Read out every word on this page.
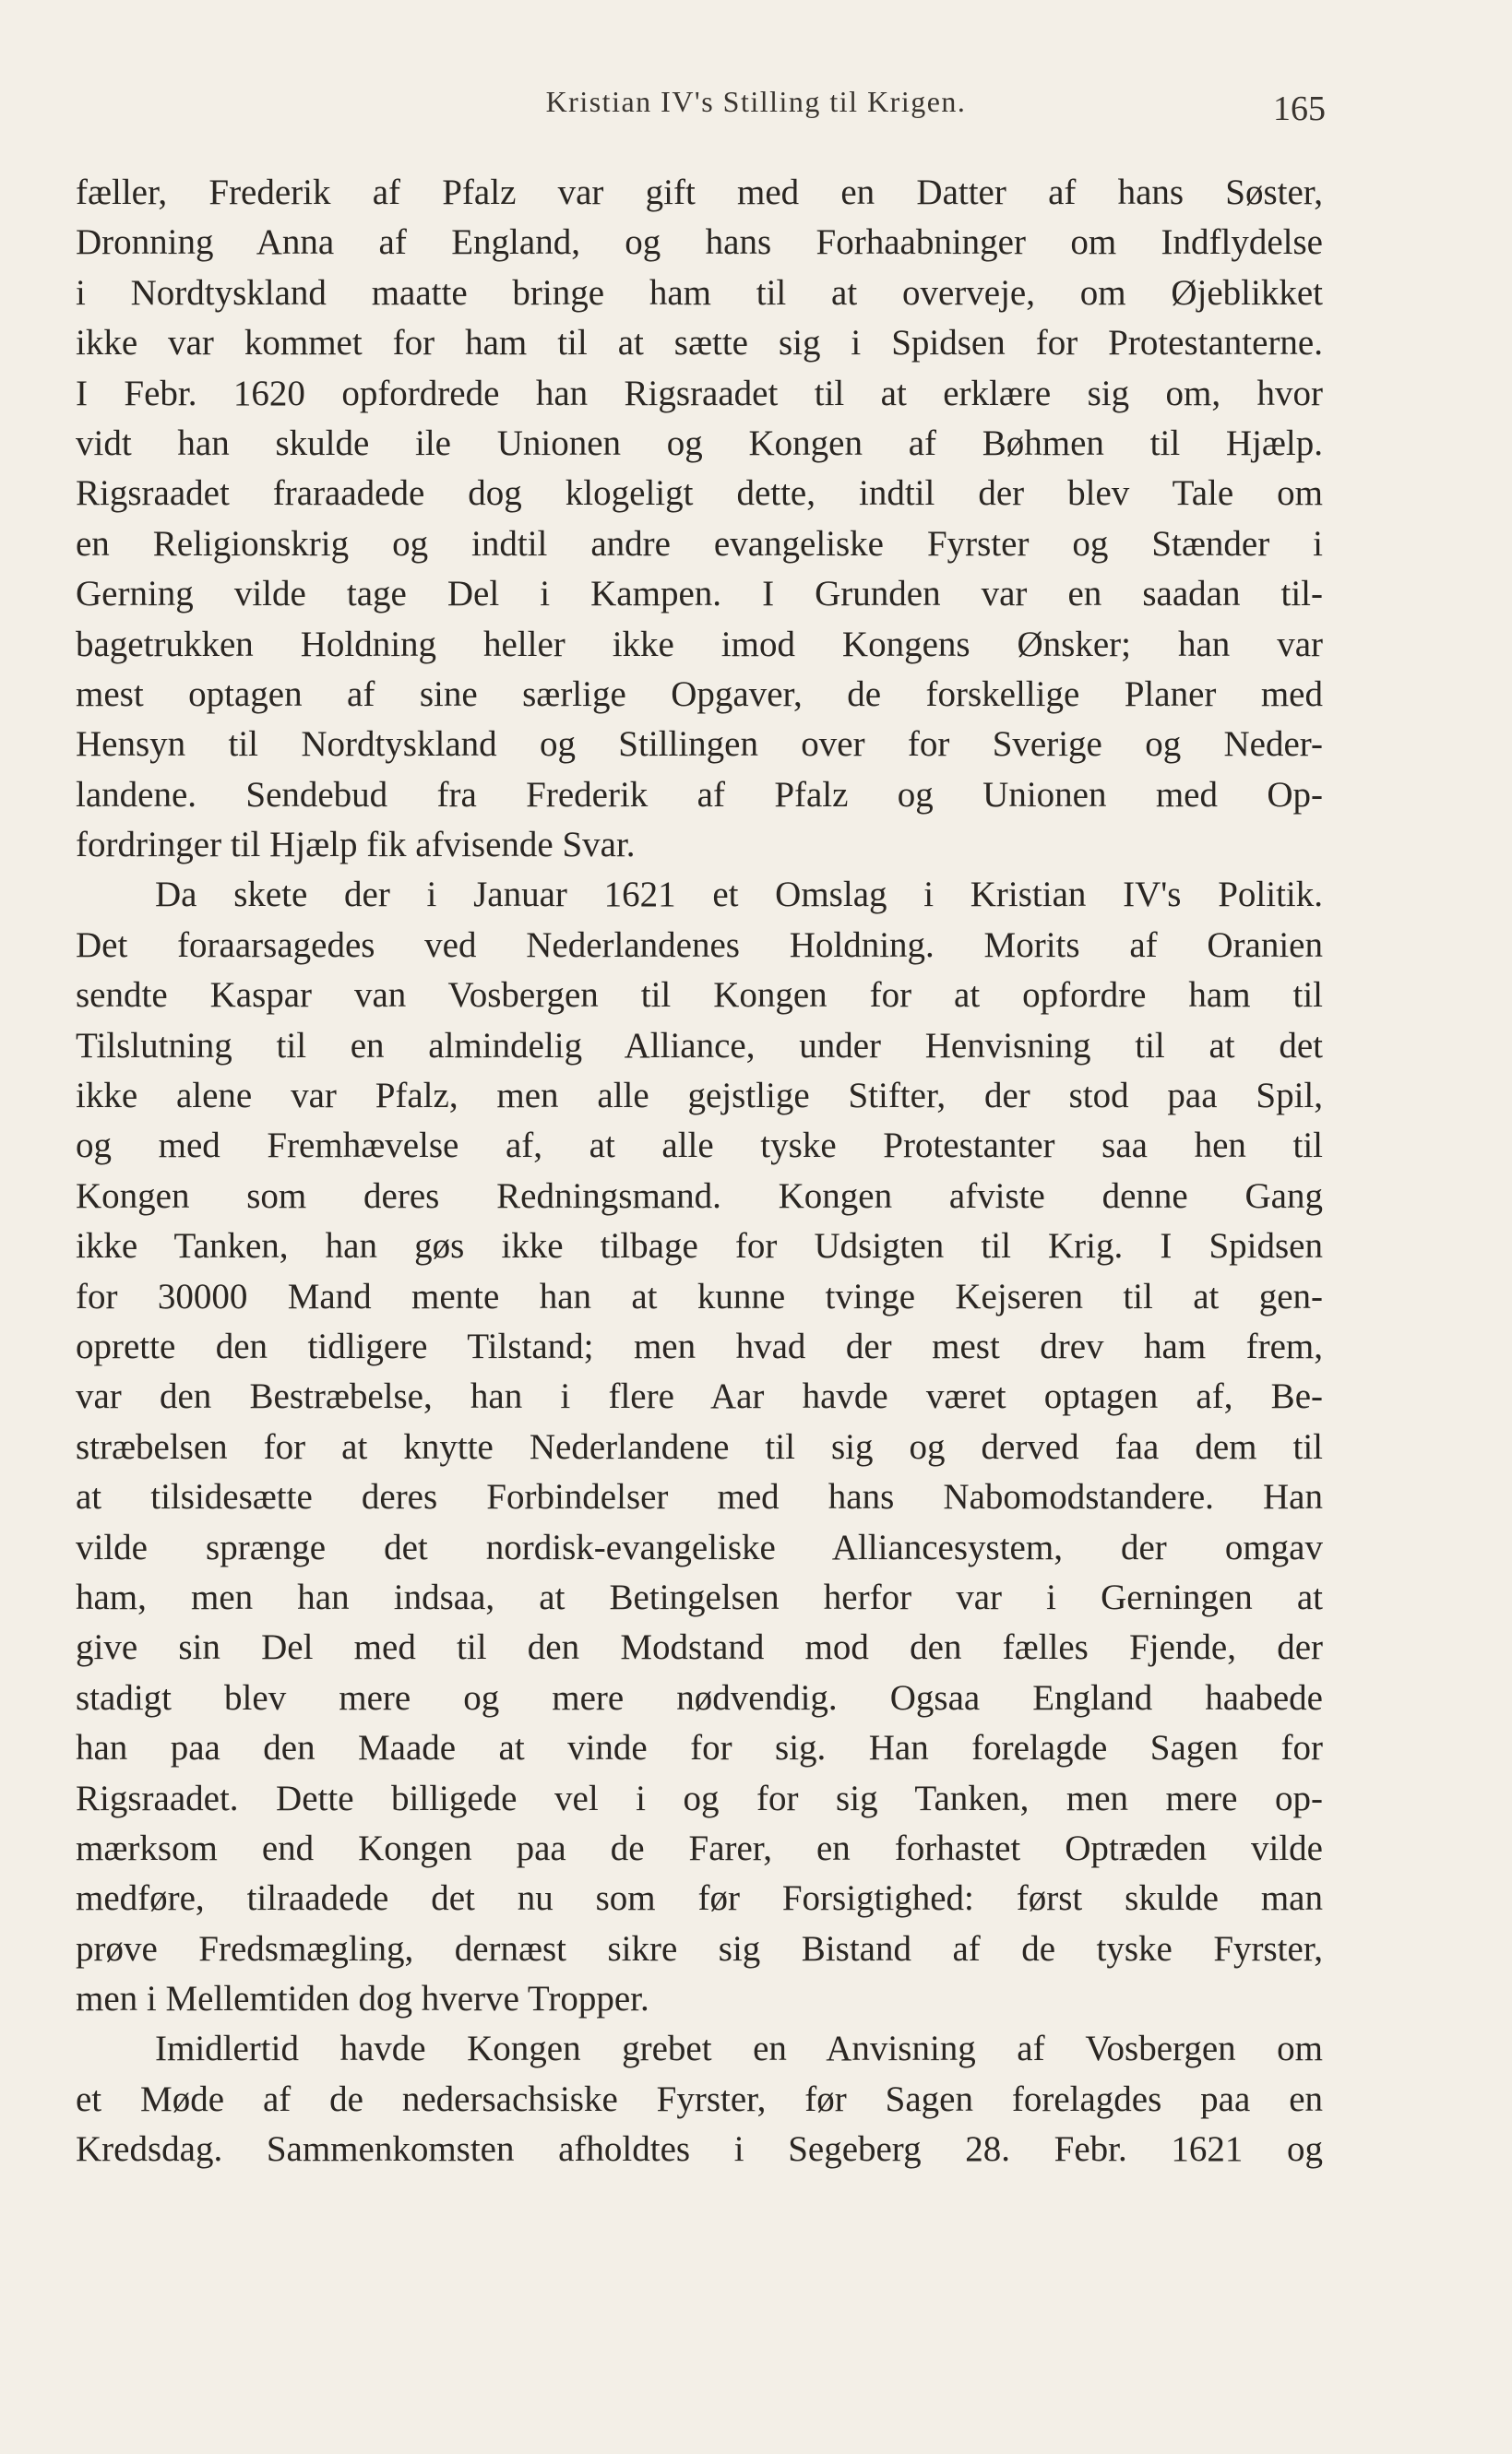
Kristian IV's Stilling til Krigen.	165
fæller, Frederik af Pfalz var gift med en Datter af hans Søster,
Dronning Anna af England, og hans Forhaabninger om Indflydelse
i Nordtyskland maatte bringe ham til at overveje, om Øjeblikket
ikke var kommet for ham til at sætte sig i Spidsen for Protestanterne.
I Febr. 1620 opfordrede han Rigsraadet til at erklære sig om, hvor
vidt han skulde ile Unionen og Kongen af Bøhmen til Hjælp.
Rigsraadet fraraadede dog klogeligt dette, indtil der blev Tale om
en Religionskrig og indtil andre evangeliske Fyrster og Stænder i
Gerning vilde tage Del i Kampen. I Grunden var en saadan til-
bagetrukken Holdning heller ikke imod Kongens Ønsker; han var
mest optagen af sine særlige Opgaver, de forskellige Planer med
Hensyn til Nordtyskland og Stillingen over for Sverige og Neder-
landene. Sendebud fra Frederik af Pfalz og Unionen med Op-
fordringer til Hjælp fik afvisende Svar.
Da skete der i Januar 1621 et Omslag i Kristian IV's Politik.
Det foraarsagedes ved Nederlandenes Holdning. Morits af Oranien
sendte Kaspar van Vosbergen til Kongen for at opfordre ham til
Tilslutning til en almindelig Alliance, under Henvisning til at det
ikke alene var Pfalz, men alle gejstlige Stifter, der stod paa Spil,
og med Fremhævelse af, at alle tyske Protestanter saa hen til
Kongen som deres Redningsmand. Kongen afviste denne Gang
ikke Tanken, han gøs ikke tilbage for Udsigten til Krig. I Spidsen
for 30000 Mand mente han at kunne tvinge Kejseren til at gen-
oprette den tidligere Tilstand; men hvad der mest drev ham frem,
var den Bestræbelse, han i flere Aar havde været optagen af, Be-
stræbelsen for at knytte Nederlandene til sig og derved faa dem til
at tilsidesætte deres Forbindelser med hans Nabomodstandere. Han
vilde sprænge det nordisk-evangeliske Alliancesystem, der omgav
ham, men han indsaa, at Betingelsen herfor var i Gerningen at
give sin Del med til den Modstand mod den fælles Fjende, der
stadigt blev mere og mere nødvendig. Ogsaa England haabede
han paa den Maade at vinde for sig. Han forelagde Sagen for
Rigsraadet. Dette billigede vel i og for sig Tanken, men mere op-
mærksom end Kongen paa de Farer, en forhastet Optræden vilde
medføre, tilraadede det nu som før Forsigtighed: først skulde man
prøve Fredsmægling, dernæst sikre sig Bistand af de tyske Fyrster,
men i Mellemtiden dog hverve Tropper.
Imidlertid havde Kongen grebet en Anvisning af Vosbergen om
et Møde af de nedersachsiske Fyrster, før Sagen forelagdes paa en
Kredsdag. Sammenkomsten afholdtes i Segeberg 28. Febr. 1621 og
